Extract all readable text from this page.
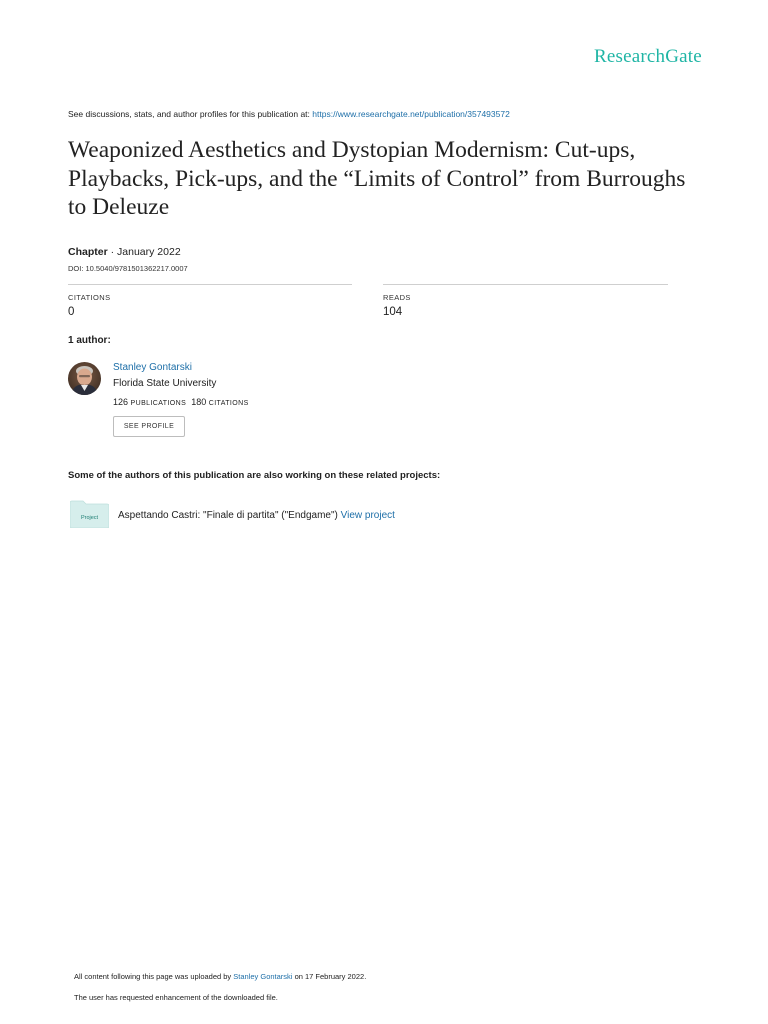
ResearchGate
See discussions, stats, and author profiles for this publication at: https://www.researchgate.net/publication/357493572
Weaponized Aesthetics and Dystopian Modernism: Cut-ups, Playbacks, Pick-ups, and the “Limits of Control” from Burroughs to Deleuze
Chapter · January 2022
DOI: 10.5040/9781501362217.0007
CITATIONS
0
READS
104
1 author:
Stanley Gontarski
Florida State University
126 PUBLICATIONS 180 CITATIONS
SEE PROFILE
Some of the authors of this publication are also working on these related projects:
Project Aspettando Castri: "Finale di partita" ("Endgame") View project
All content following this page was uploaded by Stanley Gontarski on 17 February 2022.
The user has requested enhancement of the downloaded file.
